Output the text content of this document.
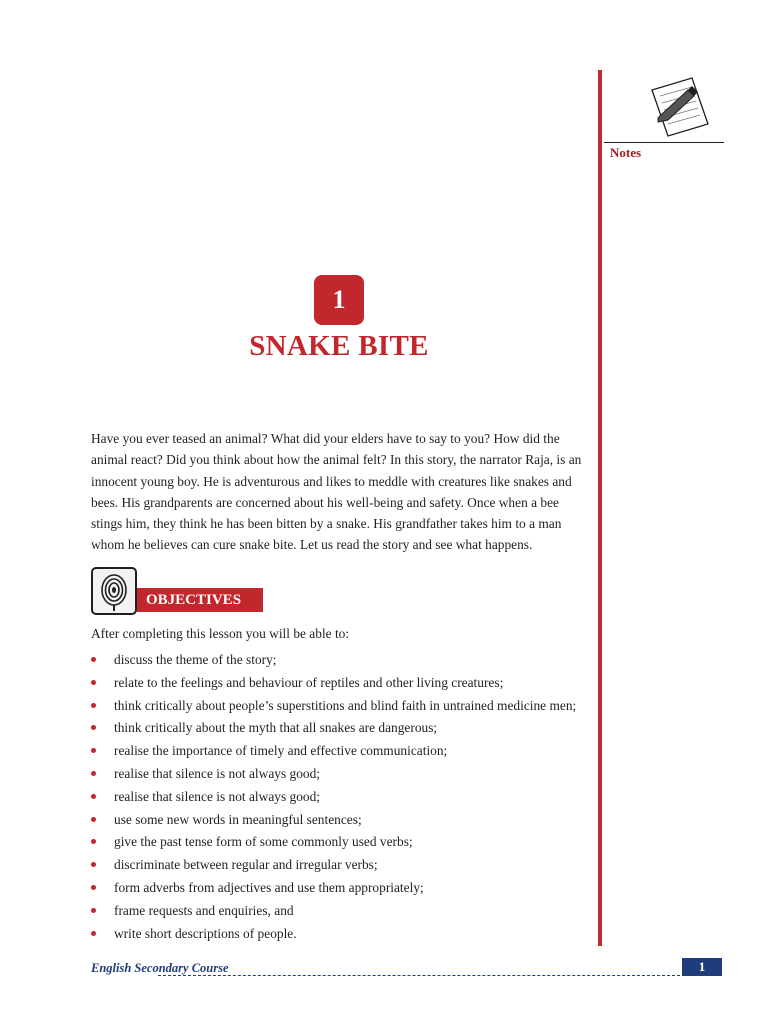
Notes
1
SNAKE BITE

Have you ever teased an animal? What did your elders have to say to you? How did the animal react? Did you think about how the animal felt? In this story, the narrator Raja, is an innocent young boy. He is adventurous and likes to meddle with creatures like snakes and bees. His grandparents are concerned about his well-being and safety. Once when a bee stings him, they think he has been bitten by a snake. His grandfather takes him to a man whom he believes can cure snake bite. Let us read the story and see what happens.

OBJECTIVES
After completing this lesson you will be able to:
discuss the theme of the story;
relate to the feelings and behaviour of reptiles and other living creatures;
think critically about people’s superstitions and blind faith in untrained medicine men;
think critically about the myth that all snakes are dangerous;
realise the importance of timely and effective communication;
realise that silence is not always good;
realise that silence is not always good;
use some new words in meaningful sentences;
give the past tense form of some commonly used verbs;
discriminate between regular and irregular verbs;
form adverbs from adjectives and use them appropriately;
frame requests and enquiries, and
write short descriptions of people.
English Secondary Course	1
